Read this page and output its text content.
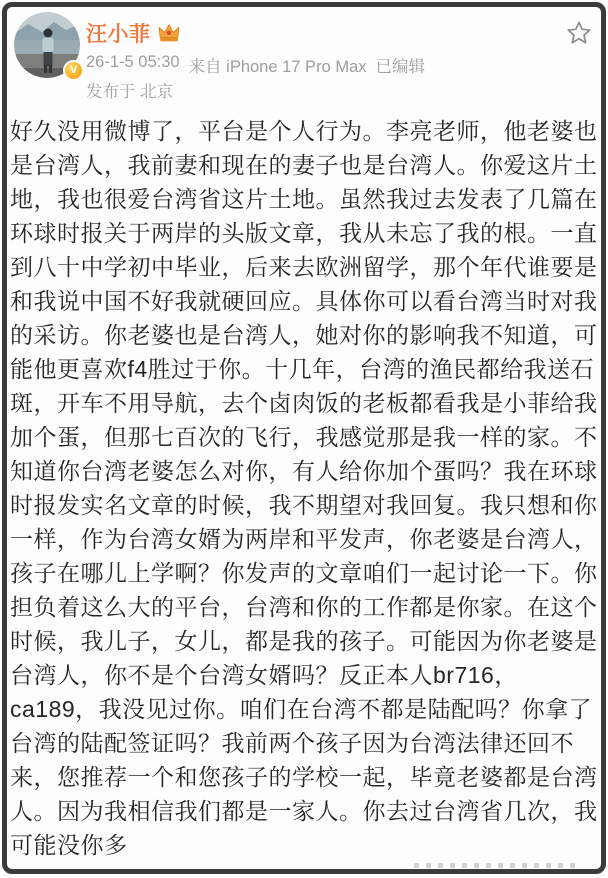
V
汪小菲
26-1-5 05:30 来自 iPhone 17 Pro Max 已编辑
发布于 北京
好久没用微博了，平台是个人行为。李亮老师，他老婆也
是台湾人，我前妻和现在的妻子也是台湾人。你爱这片土
地，我也很爱台湾省这片土地。虽然我过去发表了几篇在
环球时报关于两岸的头版文章，我从未忘了我的根。一直
到八十中学初中毕业，后来去欧洲留学，那个年代谁要是
和我说中国不好我就硬回应。具体你可以看台湾当时对我
的采访。你老婆也是台湾人，她对你的影响我不知道，可
能他更喜欢f4胜过于你。十几年，台湾的渔民都给我送石
斑，开车不用导航，去个卤肉饭的老板都看我是小菲给我
加个蛋，但那七百次的飞行，我感觉那是我一样的家。不
知道你台湾老婆怎么对你，有人给你加个蛋吗？我在环球
时报发实名文章的时候，我不期望对我回复。我只想和你
一样，作为台湾女婿为两岸和平发声，你老婆是台湾人，
孩子在哪儿上学啊？你发声的文章咱们一起讨论一下。你
担负着这么大的平台，台湾和你的工作都是你家。在这个
时候，我儿子，女儿，都是我的孩子。可能因为你老婆是
台湾人，你不是个台湾女婿吗？反正本人br716，
ca189，我没见过你。咱们在台湾不都是陆配吗？你拿了
台湾的陆配签证吗？我前两个孩子因为台湾法律还回不
来，您推荐一个和您孩子的学校一起，毕竟老婆都是台湾
人。因为我相信我们都是一家人。你去过台湾省几次，我
可能没你多
